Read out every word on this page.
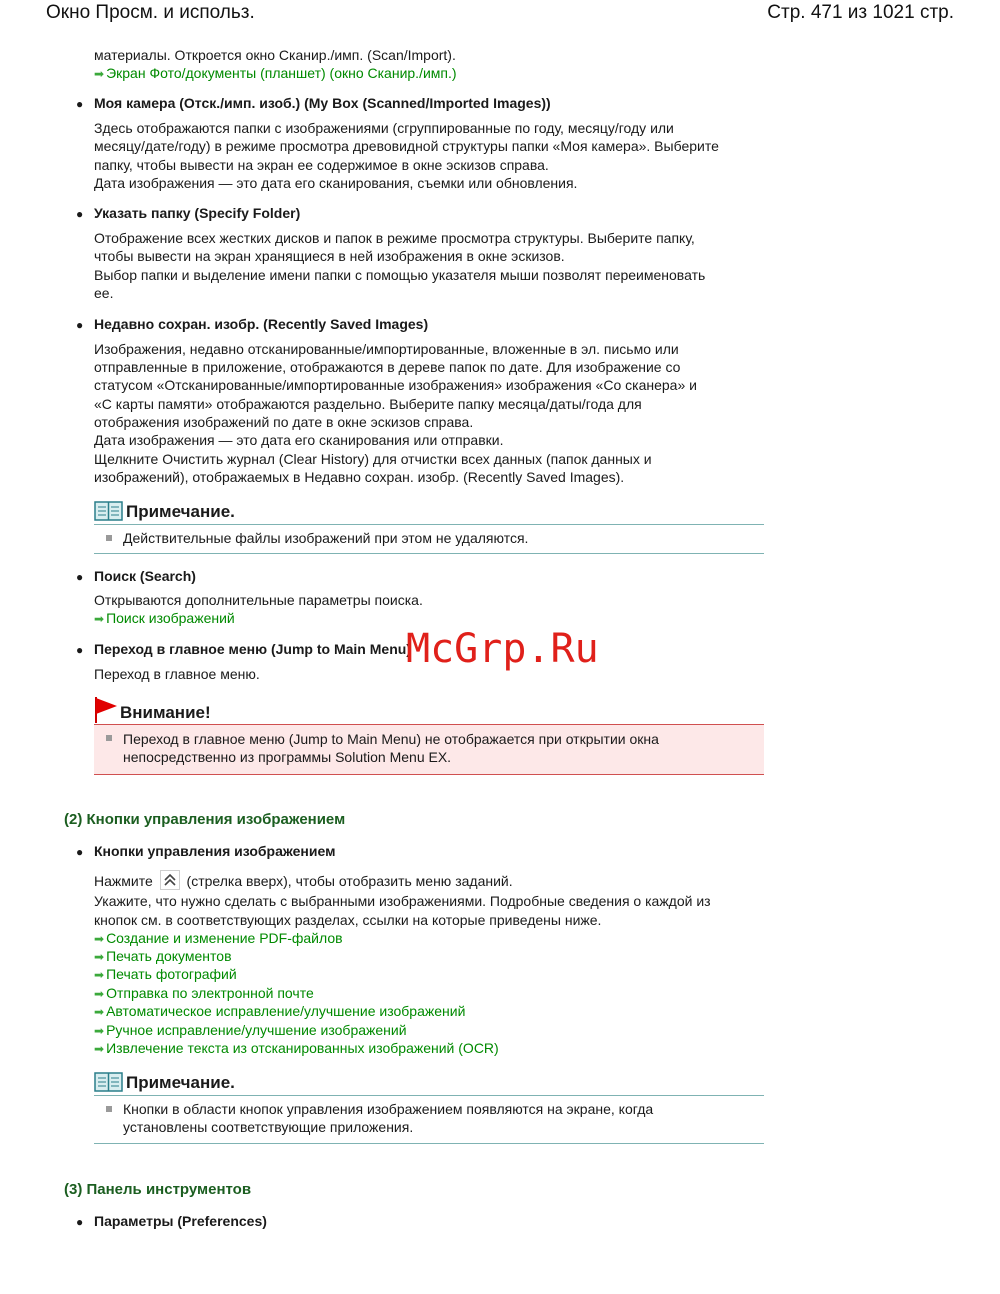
Окно Просм. и использ.	Стр. 471 из 1021 стр.
материалы. Откроется окно Сканир./имп. (Scan/Import).
➡ Экран Фото/документы (планшет) (окно Сканир./имп.)
● Моя камера (Отск./имп. изоб.) (My Box (Scanned/Imported Images))
Здесь отображаются папки с изображениями (сгруппированные по году, месяцу/году или
месяцу/дате/году) в режиме просмотра древовидной структуры папки «Моя камера». Выберите
папку, чтобы вывести на экран ее содержимое в окне эскизов справа.
Дата изображения — это дата его сканирования, съемки или обновления.
● Указать папку (Specify Folder)
Отображение всех жестких дисков и папок в режиме просмотра структуры. Выберите папку,
чтобы вывести на экран хранящиеся в ней изображения в окне эскизов.
Выбор папки и выделение имени папки с помощью указателя мыши позволят переименовать
ее.
● Недавно сохран. изобр. (Recently Saved Images)
Изображения, недавно отсканированные/импортированные, вложенные в эл. письмо или
отправленные в приложение, отображаются в дереве папок по дате. Для изображение со
статусом «Отсканированные/импортированные изображения» изображения «Со сканера» и
«С карты памяти» отображаются раздельно. Выберите папку месяца/даты/года для
отображения изображений по дате в окне эскизов справа.
Дата изображения — это дата его сканирования или отправки.
Щелкните Очистить журнал (Clear History) для отчистки всех данных (папок данных и
изображений), отображаемых в Недавно сохран. изобр. (Recently Saved Images).
Примечание.
Действительные файлы изображений при этом не удаляются.
● Поиск (Search)
Открываются дополнительные параметры поиска.
➡ Поиск изображений
● Переход в главное меню (Jump to Main Menu)
Переход в главное меню.
Внимание!
Переход в главное меню (Jump to Main Menu) не отображается при открытии окна
непосредственно из программы Solution Menu EX.
(2) Кнопки управления изображением
● Кнопки управления изображением
Нажмите (стрелка вверх), чтобы отобразить меню заданий.
Укажите, что нужно сделать с выбранными изображениями. Подробные сведения о каждой из
кнопок см. в соответствующих разделах, ссылки на которые приведены ниже.
➡ Создание и изменение PDF-файлов
➡ Печать документов
➡ Печать фотографий
➡ Отправка по электронной почте
➡ Автоматическое исправление/улучшение изображений
➡ Ручное исправление/улучшение изображений
➡ Извлечение текста из отсканированных изображений (OCR)
Примечание.
Кнопки в области кнопок управления изображением появляются на экране, когда
установлены соответствующие приложения.
(3) Панель инструментов
● Параметры (Preferences)
McGrp.Ru
